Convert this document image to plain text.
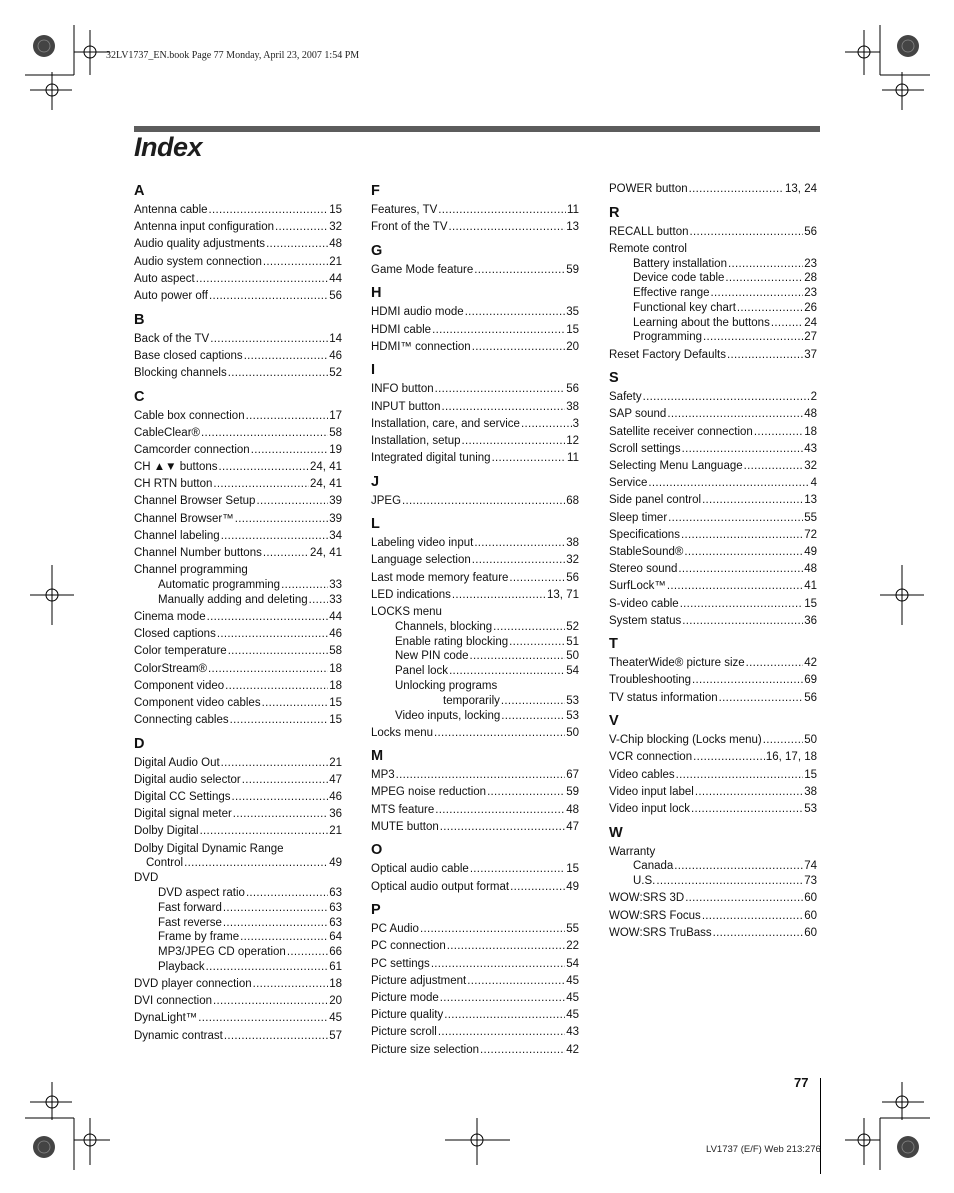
32LV1737_EN.book Page 77 Monday, April 23, 2007 1:54 PM
Index
A
Antenna cable .....	15
Antenna input configuration .....	32
Audio quality adjustments .....	48
Audio system connection .....	21
Auto aspect .....	44
Auto power off .....	56
B
Back of the TV .....	14
Base closed captions .....	46
Blocking channels .....	52
C
Cable box connection .....	17
CableClear® .....	58
Camcorder connection .....	19
CH ▲▼ buttons .....	24, 41
CH RTN button .....	24, 41
Channel Browser Setup .....	39
Channel Browser™ .....	39
Channel labeling .....	34
Channel Number buttons .....	24, 41
Channel programming
Automatic programming .....	33
Manually adding and deleting ..... 33
Cinema mode .....	44
Closed captions .....	46
Color temperature .....	58
ColorStream® .....	18
Component video .....	18
Component video cables .....	15
Connecting cables .....	15
D
Digital Audio Out .....	21
Digital audio selector .....	47
Digital CC Settings .....	46
Digital signal meter .....	36
Dolby Digital .....	21
Dolby Digital Dynamic Range
Control .....	49
DVD
DVD aspect ratio .....	63
Fast forward .....	63
Fast reverse .....	63
Frame by frame .....	64
MP3/JPEG CD operation .....	66
Playback .....	61
DVD player connection .....	18
DVI connection .....	20
DynaLight™ .....	45
Dynamic contrast .....	57
F
Features, TV .....	11
Front of the TV .....	13
G
Game Mode feature .....	59
H
HDMI audio mode .....	35
HDMI cable .....	15
HDMI™ connection .....	20
I
INFO button .....	56
INPUT button .....	38
Installation, care, and service .....	3
Installation, setup .....	12
Integrated digital tuning .....	11
J
JPEG .....	68
L
Labeling video input .....	38
Language selection .....	32
Last mode memory feature .....	56
LED indications .....	13, 71
LOCKS menu
Channels, blocking .....	52
Enable rating blocking .....	51
New PIN code .....	50
Panel lock .....	54
Unlocking programs
temporarily .....	53
Video inputs, locking .....	53
Locks menu .....	50
M
MP3 .....	67
MPEG noise reduction .....	59
MTS feature .....	48
MUTE button .....	47
O
Optical audio cable .....	15
Optical audio output format .....	49
P
PC Audio .....	55
PC connection .....	22
PC settings .....	54
Picture adjustment .....	45
Picture mode .....	45
Picture quality .....	45
Picture scroll .....	43
Picture size selection .....	42
POWER button .....	13, 24
R
RECALL button .....	56
Remote control
Battery installation .....	23
Device code table .....	28
Effective range .....	23
Functional key chart .....	26
Learning about the buttons .....	24
Programming .....	27
Reset Factory Defaults .....	37
S
Safety .....	2
SAP sound .....	48
Satellite receiver connection .....	18
Scroll settings .....	43
Selecting Menu Language .....	32
Service .....	4
Side panel control .....	13
Sleep timer .....	55
Specifications .....	72
StableSound® .....	49
Stereo sound .....	48
SurfLock™ .....	41
S-video cable .....	15
System status .....	36
T
TheaterWide® picture size .....	42
Troubleshooting .....	69
TV status information .....	56
V
V-Chip blocking (Locks menu) .....	50
VCR connection .....	16, 17, 18
Video cables .....	15
Video input label .....	38
Video input lock .....	53
W
Warranty
Canada .....	74
U.S. .....	73
WOW:SRS 3D .....	60
WOW:SRS Focus .....	60
WOW:SRS TruBass .....	60
77
LV1737 (E/F) Web 213:276
